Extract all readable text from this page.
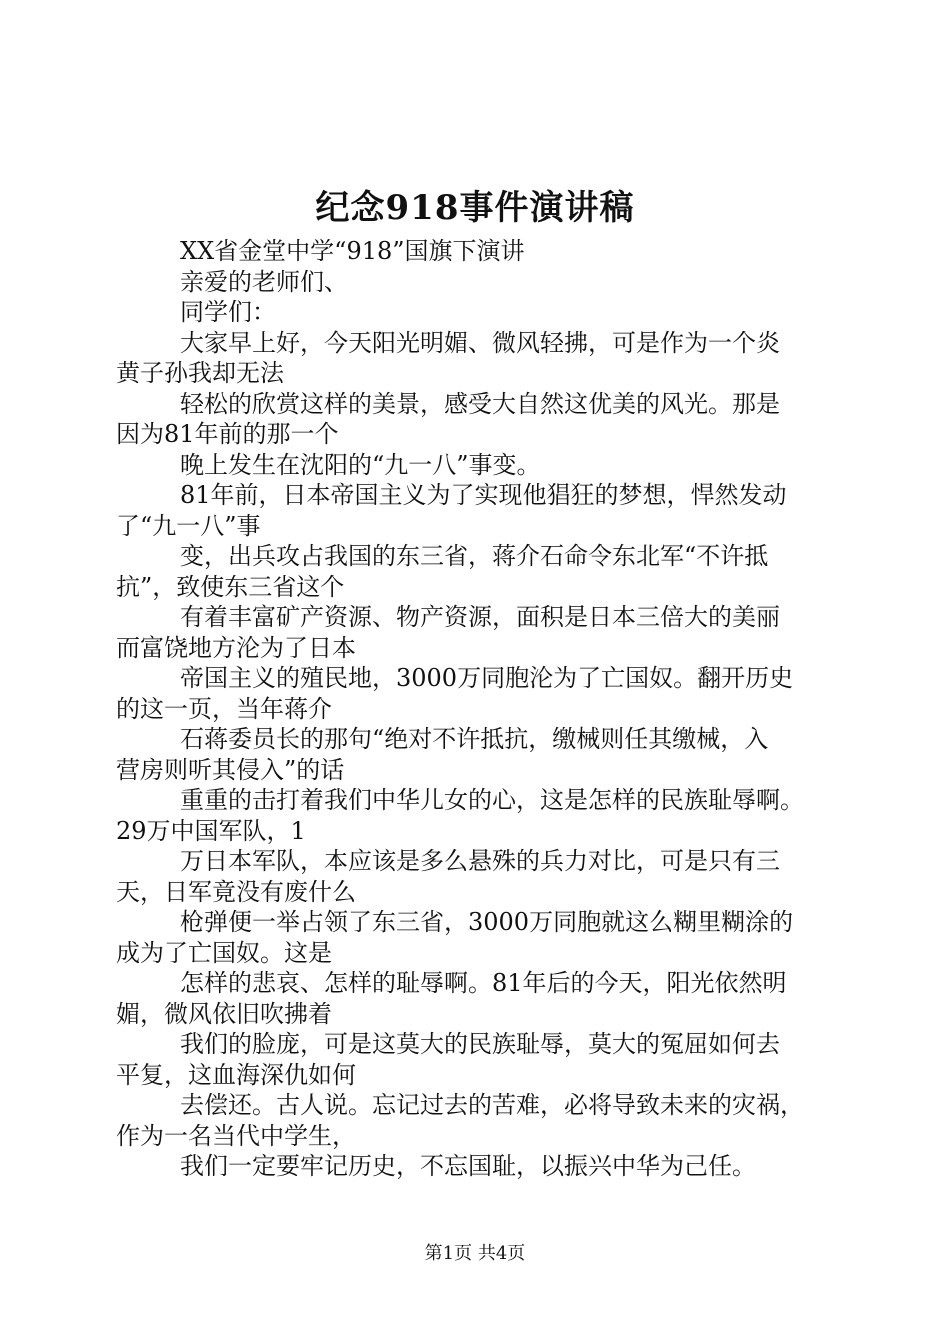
纪念918事件演讲稿

XX省金堂中学“918”国旗下演讲

亲爱的老师们、

同学们：

大家早上好，今天阳光明媚、微风轻拂，可是作为一个炎
黄子孙我却无法

轻松的欣赏这样的美景，感受大自然这优美的风光。那是
因为81年前的那一个

晚上发生在沈阳的“九一八”事变。

81年前，日本帝国主义为了实现他猖狂的梦想，悍然发动
了“九一八”事

变，出兵攻占我国的东三省，蒋介石命令东北军“不许抵
抗”，致使东三省这个

有着丰富矿产资源、物产资源，面积是日本三倍大的美丽
而富饶地方沦为了日本

帝国主义的殖民地，3000万同胞沦为了亡国奴。翻开历史
的这一页，当年蒋介

石蒋委员长的那句“绝对不许抵抗，缴械则任其缴械，入
营房则听其侵入”的话

重重的击打着我们中华儿女的心，这是怎样的民族耻辱啊。
29万中国军队，1

万日本军队，本应该是多么悬殊的兵力对比，可是只有三
天，日军竟没有废什么

枪弹便一举占领了东三省，3000万同胞就这么糊里糊涂的
成为了亡国奴。这是

怎样的悲哀、怎样的耻辱啊。81年后的今天，阳光依然明
媚，微风依旧吹拂着

我们的脸庞，可是这莫大的民族耻辱，莫大的冤屈如何去
平复，这血海深仇如何

去偿还。古人说。忘记过去的苦难，必将导致未来的灾祸，
作为一名当代中学生，

我们一定要牢记历史，不忘国耻，以振兴中华为己任。

第1页 共4页
